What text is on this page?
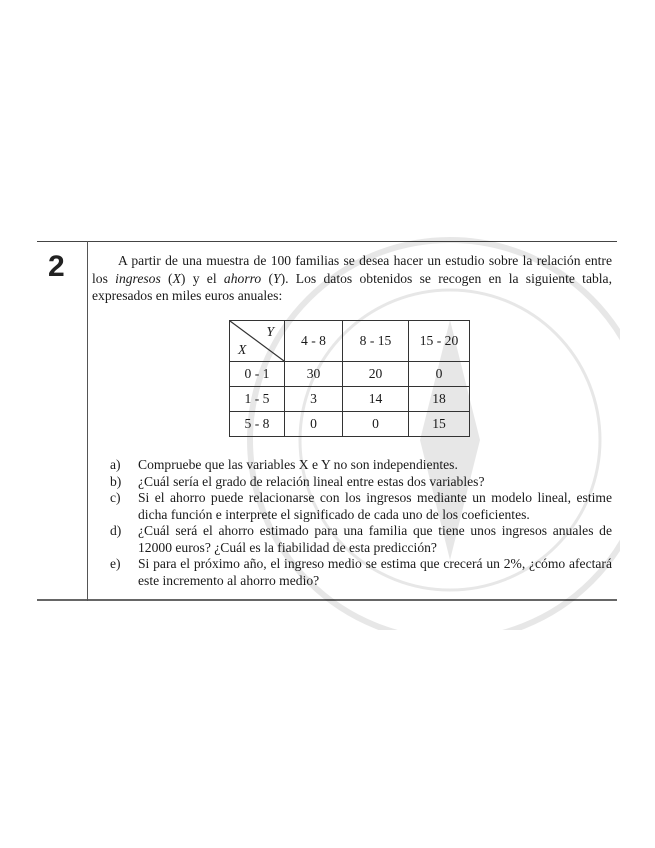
2	A partir de una muestra de 100 familias se desea hacer un estudio sobre la relación entre los ingresos (X) y el ahorro (Y). Los datos obtenidos se recogen en la siguiente tabla, expresados en miles euros anuales:

Y
X	4 - 8	8 - 15	15 - 20
0 - 1	30	20	0
1 - 5	3	14	18
5 - 8	0	0	15
a) Compruebe que las variables X e Y no son independientes.
b) ¿Cuál sería el grado de relación lineal entre estas dos variables?
c) Si el ahorro puede relacionarse con los ingresos mediante un modelo lineal, estime dicha función e interprete el significado de cada uno de los coeficientes.
d) ¿Cuál será el ahorro estimado para una familia que tiene unos ingresos anuales de 12000 euros? ¿Cuál es la fiabilidad de esta predicción?
e) Si para el próximo año, el ingreso medio se estima que crecerá un 2%, ¿cómo afectará este incremento al ahorro medio?
